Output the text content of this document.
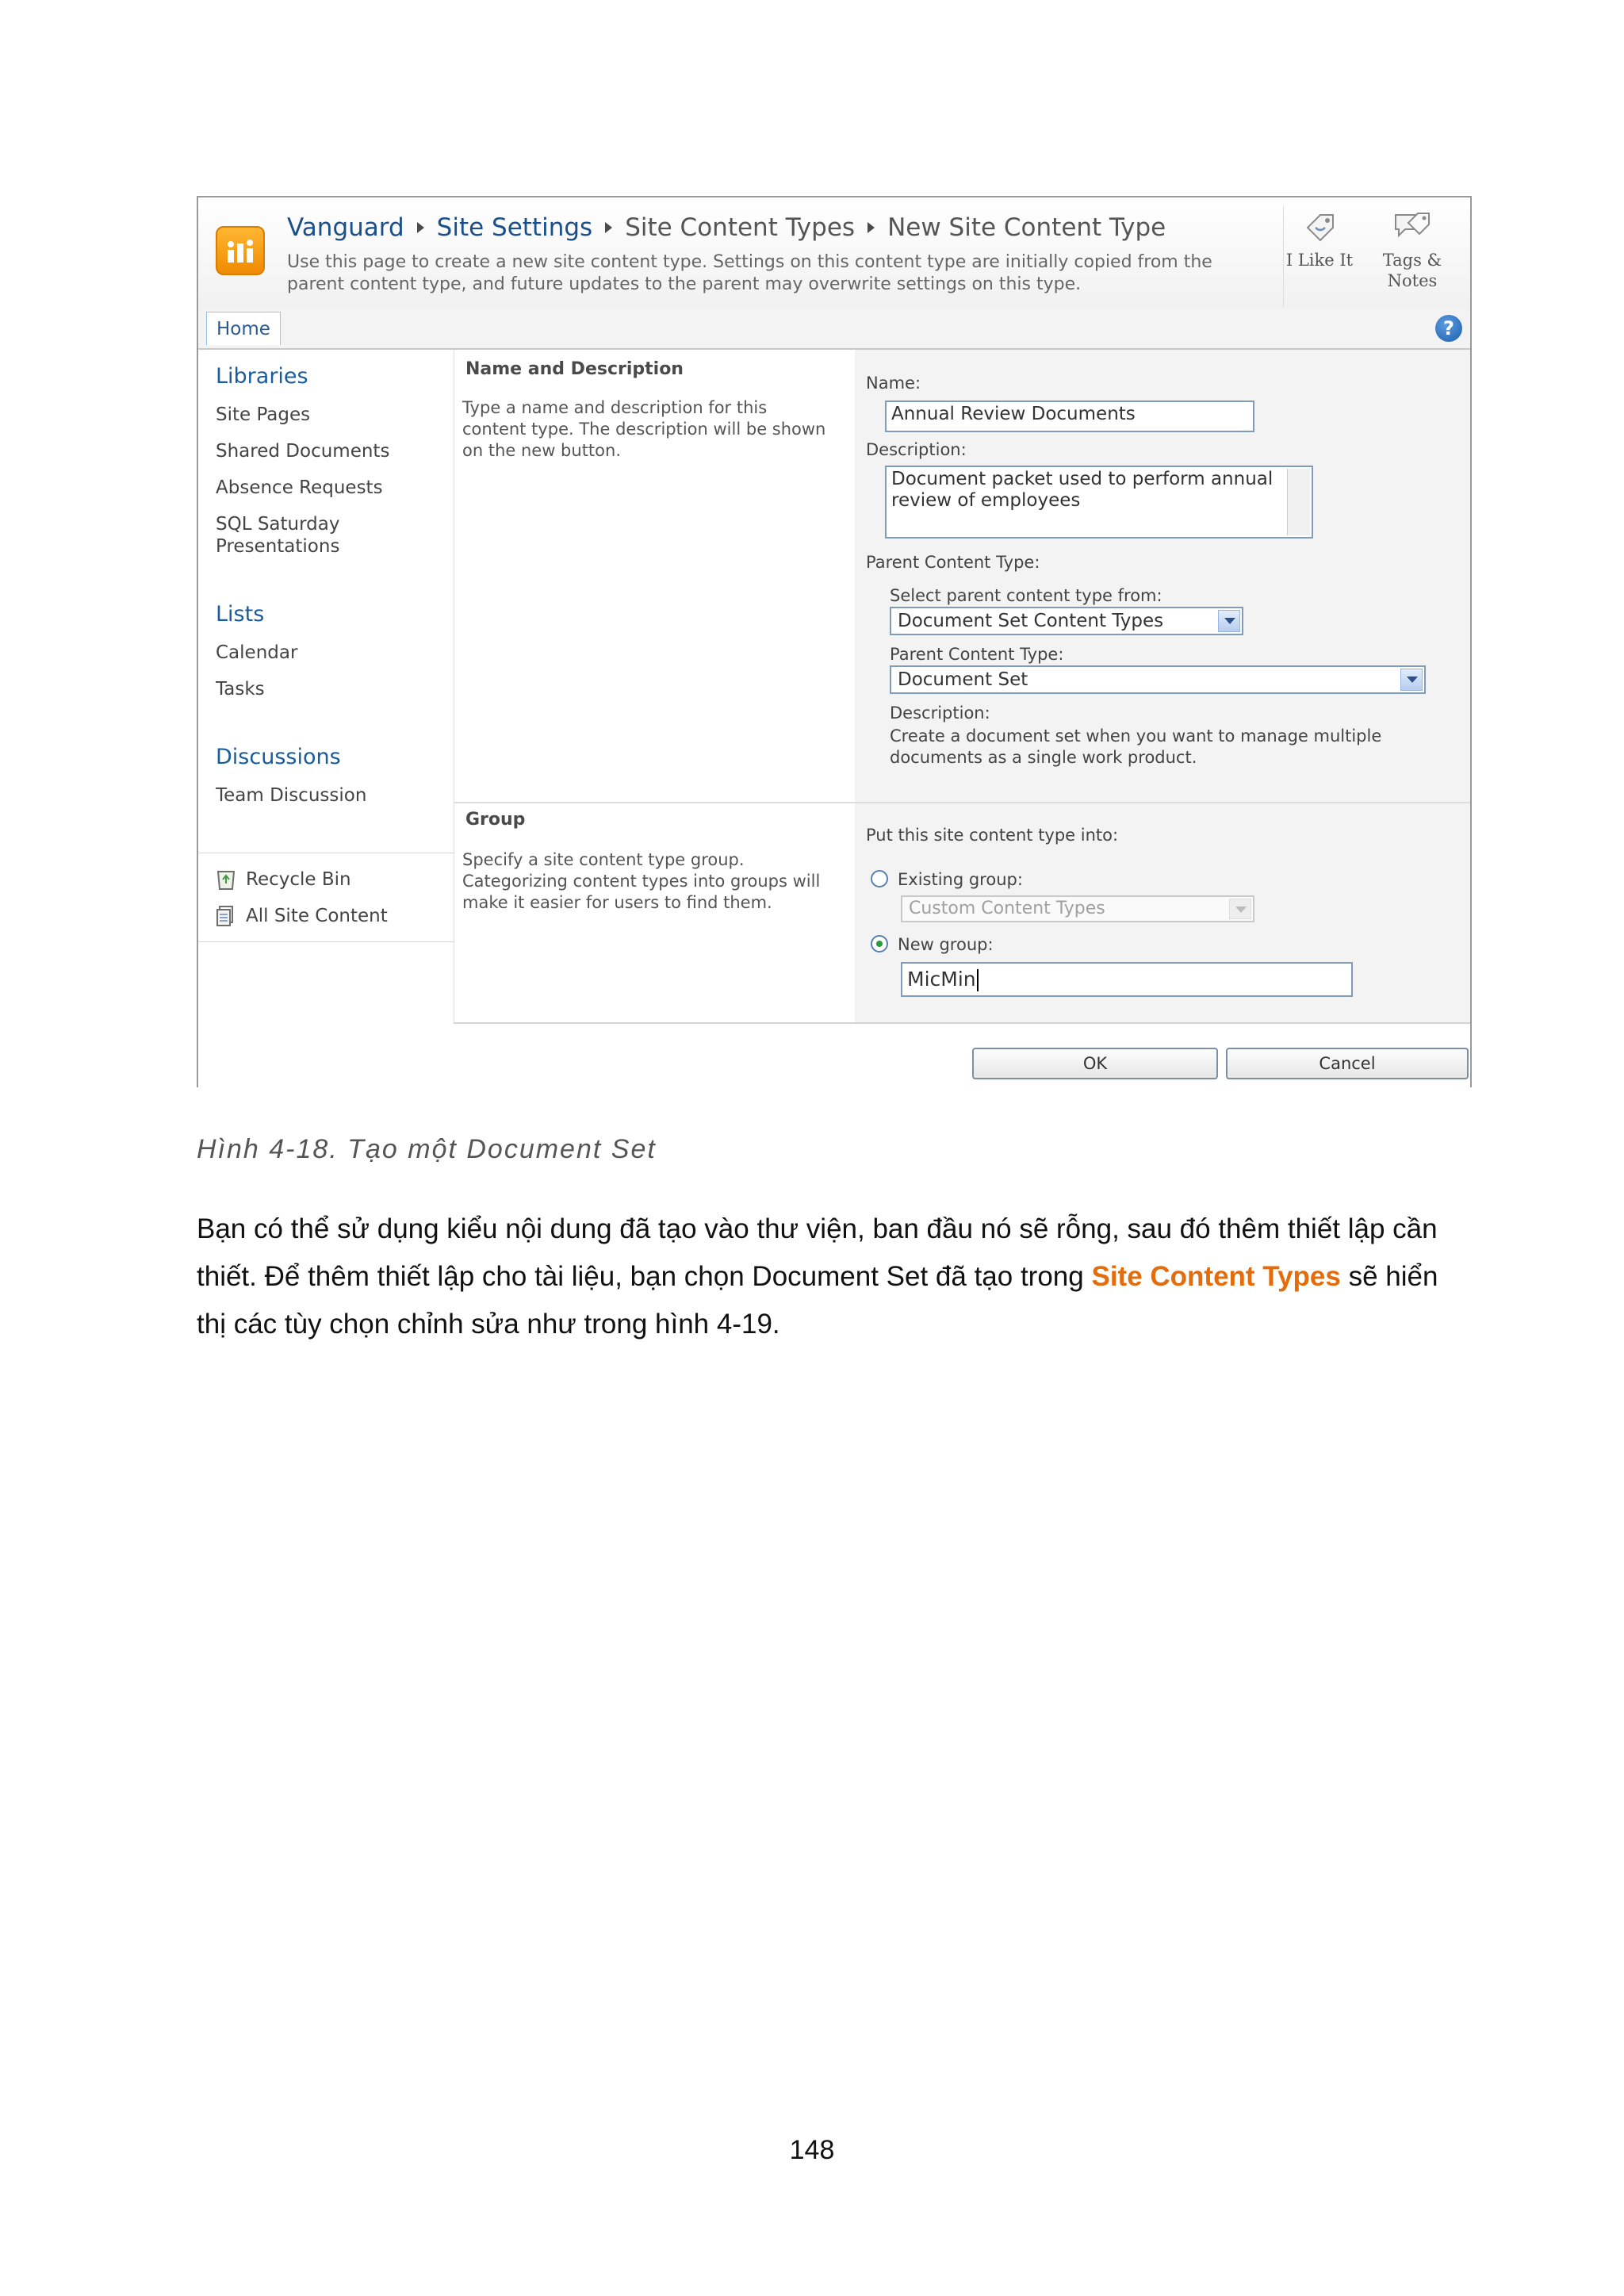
Vanguard Site Settings Site Content Types New Site Content Type
Use this page to create a new site content type. Settings on this content type are initially copied from the parent content type, and future updates to the parent may overwrite settings on this type.
I Like It	Tags &
Notes
Home	?
Libraries
Site Pages
Shared Documents
Absence Requests
SQL Saturday Presentations
Lists
Calendar
Tasks
Discussions
Team Discussion
Recycle Bin
All Site Content
Name and Description
Type a name and description for this content type. The description will be shown on the new button.
Name:
Annual Review Documents
Description:
Document packet used to perform annual review of employees
Parent Content Type:
Select parent content type from:
Document Set Content Types
Parent Content Type:
Document Set
Description:
Create a document set when you want to manage multiple documents as a single work product.
Group
Specify a site content type group. Categorizing content types into groups will make it easier for users to find them.
Put this site content type into:
Existing group:
Custom Content Types
New group:
MicMin
OK	Cancel
Hình 4-18. Tạo một Document Set
Bạn có thể sử dụng kiểu nội dung đã tạo vào thư viện, ban đầu nó sẽ rỗng, sau đó thêm thiết lập cần thiết. Để thêm thiết lập cho tài liệu, bạn chọn Document Set đã tạo trong Site Content Types sẽ hiển thị các tùy chọn chỉnh sửa như trong hình 4-19.
148
